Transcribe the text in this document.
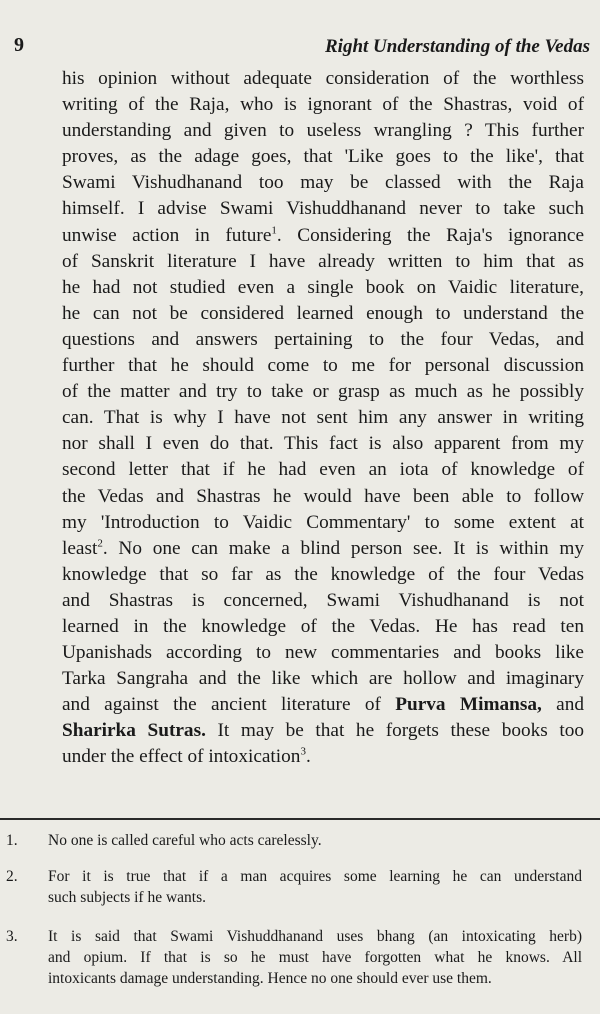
9	Right Understanding of the Vedas
his opinion without adequate consideration of the worthless
writing of the Raja, who is ignorant of the Shastras, void of
understanding and given to useless wrangling ? This further
proves, as the adage goes, that 'Like goes to the like', that
Swami Vishudhanand too may be classed with the Raja
himself. I advise Swami Vishuddhanand never to take such
unwise action in future$^1$. Considering the Raja's ignorance
of Sanskrit literature I have already written to him that as
he had not studied even a single book on Vaidic literature,
he can not be considered learned enough to understand the
questions and answers pertaining to the four Vedas, and
further that he should come to me for personal discussion
of the matter and try to take or grasp as much as he possibly
can. That is why I have not sent him any answer in writing
nor shall I even do that. This fact is also apparent from my
second letter that if he had even an iota of knowledge of
the Vedas and Shastras he would have been able to follow
my 'Introduction to Vaidic Commentary' to some extent at
least$^2$. No one can make a blind person see. It is within my
knowledge that so far as the knowledge of the four Vedas
and Shastras is concerned, Swami Vishudhanand is not
learned in the knowledge of the Vedas. He has read ten
Upanishads according to new commentaries and books like
Tarka Sangraha and the like which are hollow and imaginary
and against the ancient literature of Purva Mimansa, and
Sharirka Sutras. It may be that he forgets these books too
under the effect of intoxication$^3$.
1. No one is called careful who acts carelessly.
2. For it is true that if a man acquires some learning he can understand
such subjects if he wants.
3. It is said that Swami Vishuddhanand uses bhang (an intoxicating herb)
and opium. If that is so he must have forgotten what he knows. All
intoxicants damage understanding. Hence no one should ever use them.
